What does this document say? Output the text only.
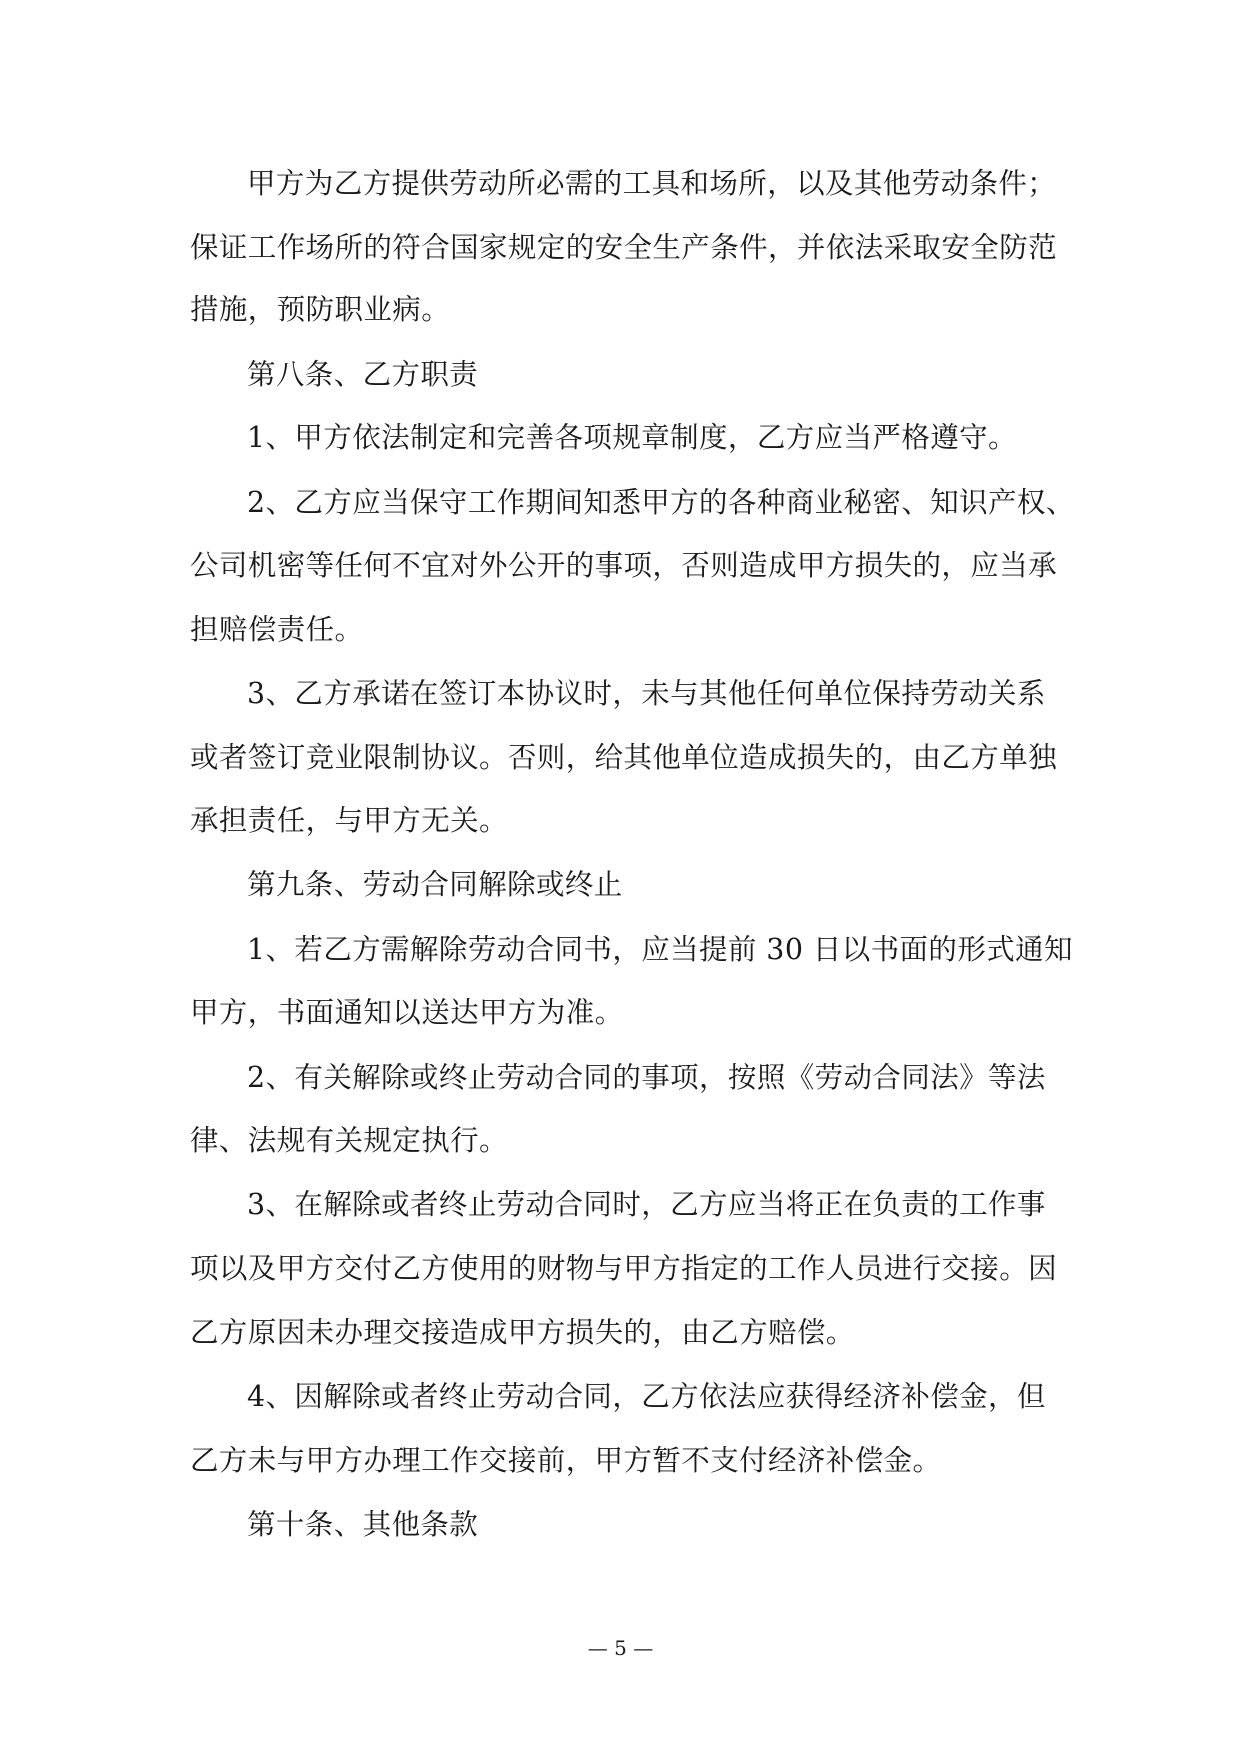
甲方为乙方提供劳动所必需的工具和场所，以及其他劳动条件；
保证工作场所的符合国家规定的安全生产条件，并依法采取安全防范
措施，预防职业病。
第八条、乙方职责
1、甲方依法制定和完善各项规章制度，乙方应当严格遵守。
2、乙方应当保守工作期间知悉甲方的各种商业秘密、知识产权、
公司机密等任何不宜对外公开的事项，否则造成甲方损失的，应当承
担赔偿责任。
3、乙方承诺在签订本协议时，未与其他任何单位保持劳动关系
或者签订竞业限制协议。否则，给其他单位造成损失的，由乙方单独
承担责任，与甲方无关。
第九条、劳动合同解除或终止
1、若乙方需解除劳动合同书，应当提前 30 日以书面的形式通知
甲方，书面通知以送达甲方为准。
2、有关解除或终止劳动合同的事项，按照《劳动合同法》等法
律、法规有关规定执行。
3、在解除或者终止劳动合同时，乙方应当将正在负责的工作事
项以及甲方交付乙方使用的财物与甲方指定的工作人员进行交接。因
乙方原因未办理交接造成甲方损失的，由乙方赔偿。
4、因解除或者终止劳动合同，乙方依法应获得经济补偿金，但
乙方未与甲方办理工作交接前，甲方暂不支付经济补偿金。
第十条、其他条款
— 5 —
